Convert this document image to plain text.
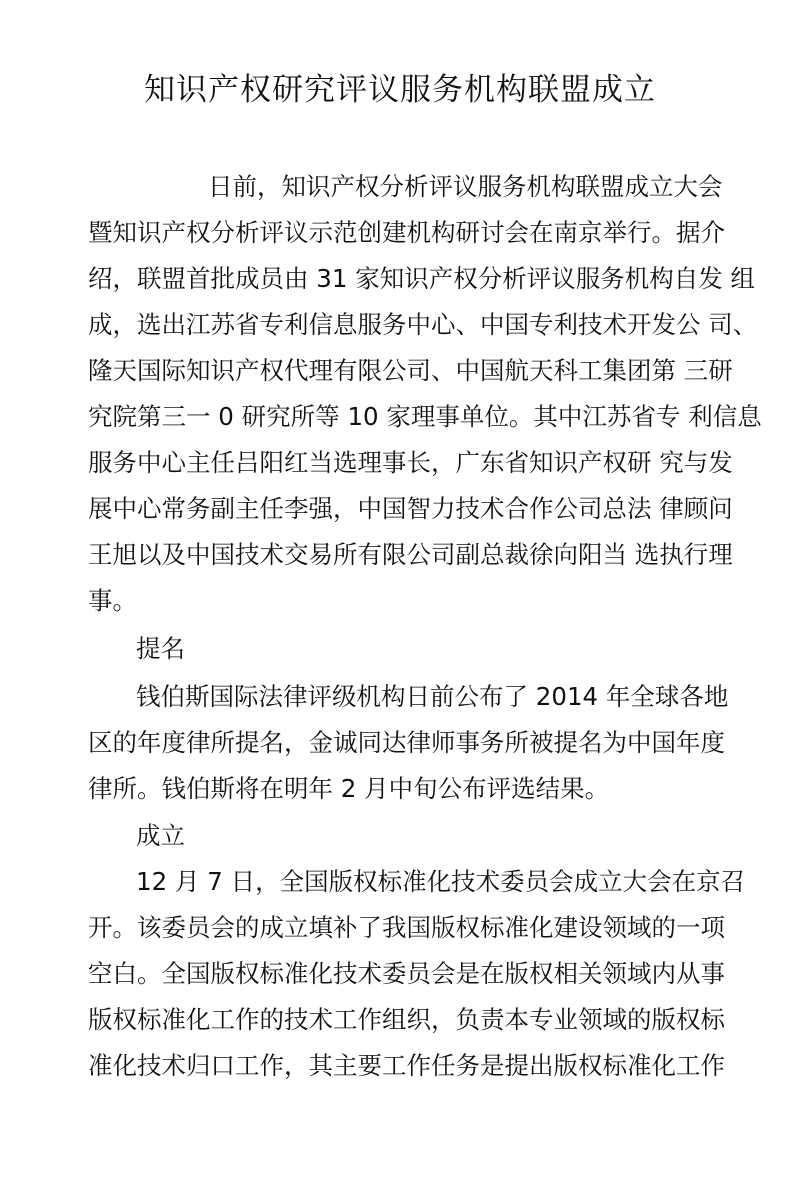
知识产权研究评议服务机构联盟成立
日前，知识产权分析评议服务机构联盟成立大会
暨知识产权分析评议示范创建机构研讨会在南京举行。据介
绍，联盟首批成员由 31 家知识产权分析评议服务机构自发 组
成，选出江苏省专利信息服务中心、中国专利技术开发公 司、
隆天国际知识产权代理有限公司、中国航天科工集团第 三研
究院第三一 0 研究所等 10 家理事单位。其中江苏省专 利信息
服务中心主任吕阳红当选理事长，广东省知识产权研 究与发
展中心常务副主任李强，中国智力技术合作公司总法 律顾问
王旭以及中国技术交易所有限公司副总裁徐向阳当 选执行理
事。
提名
钱伯斯国际法律评级机构日前公布了 2014 年全球各地
区的年度律所提名，金诚同达律师事务所被提名为中国年度
律所。钱伯斯将在明年 2 月中旬公布评选结果。
成立
12 月 7 日，全国版权标准化技术委员会成立大会在京召
开。该委员会的成立填补了我国版权标准化建设领域的一项
空白。全国版权标准化技术委员会是在版权相关领域内从事
版权标准化工作的技术工作组织，负责本专业领域的版权标
准化技术归口工作，其主要工作任务是提出版权标准化工作
